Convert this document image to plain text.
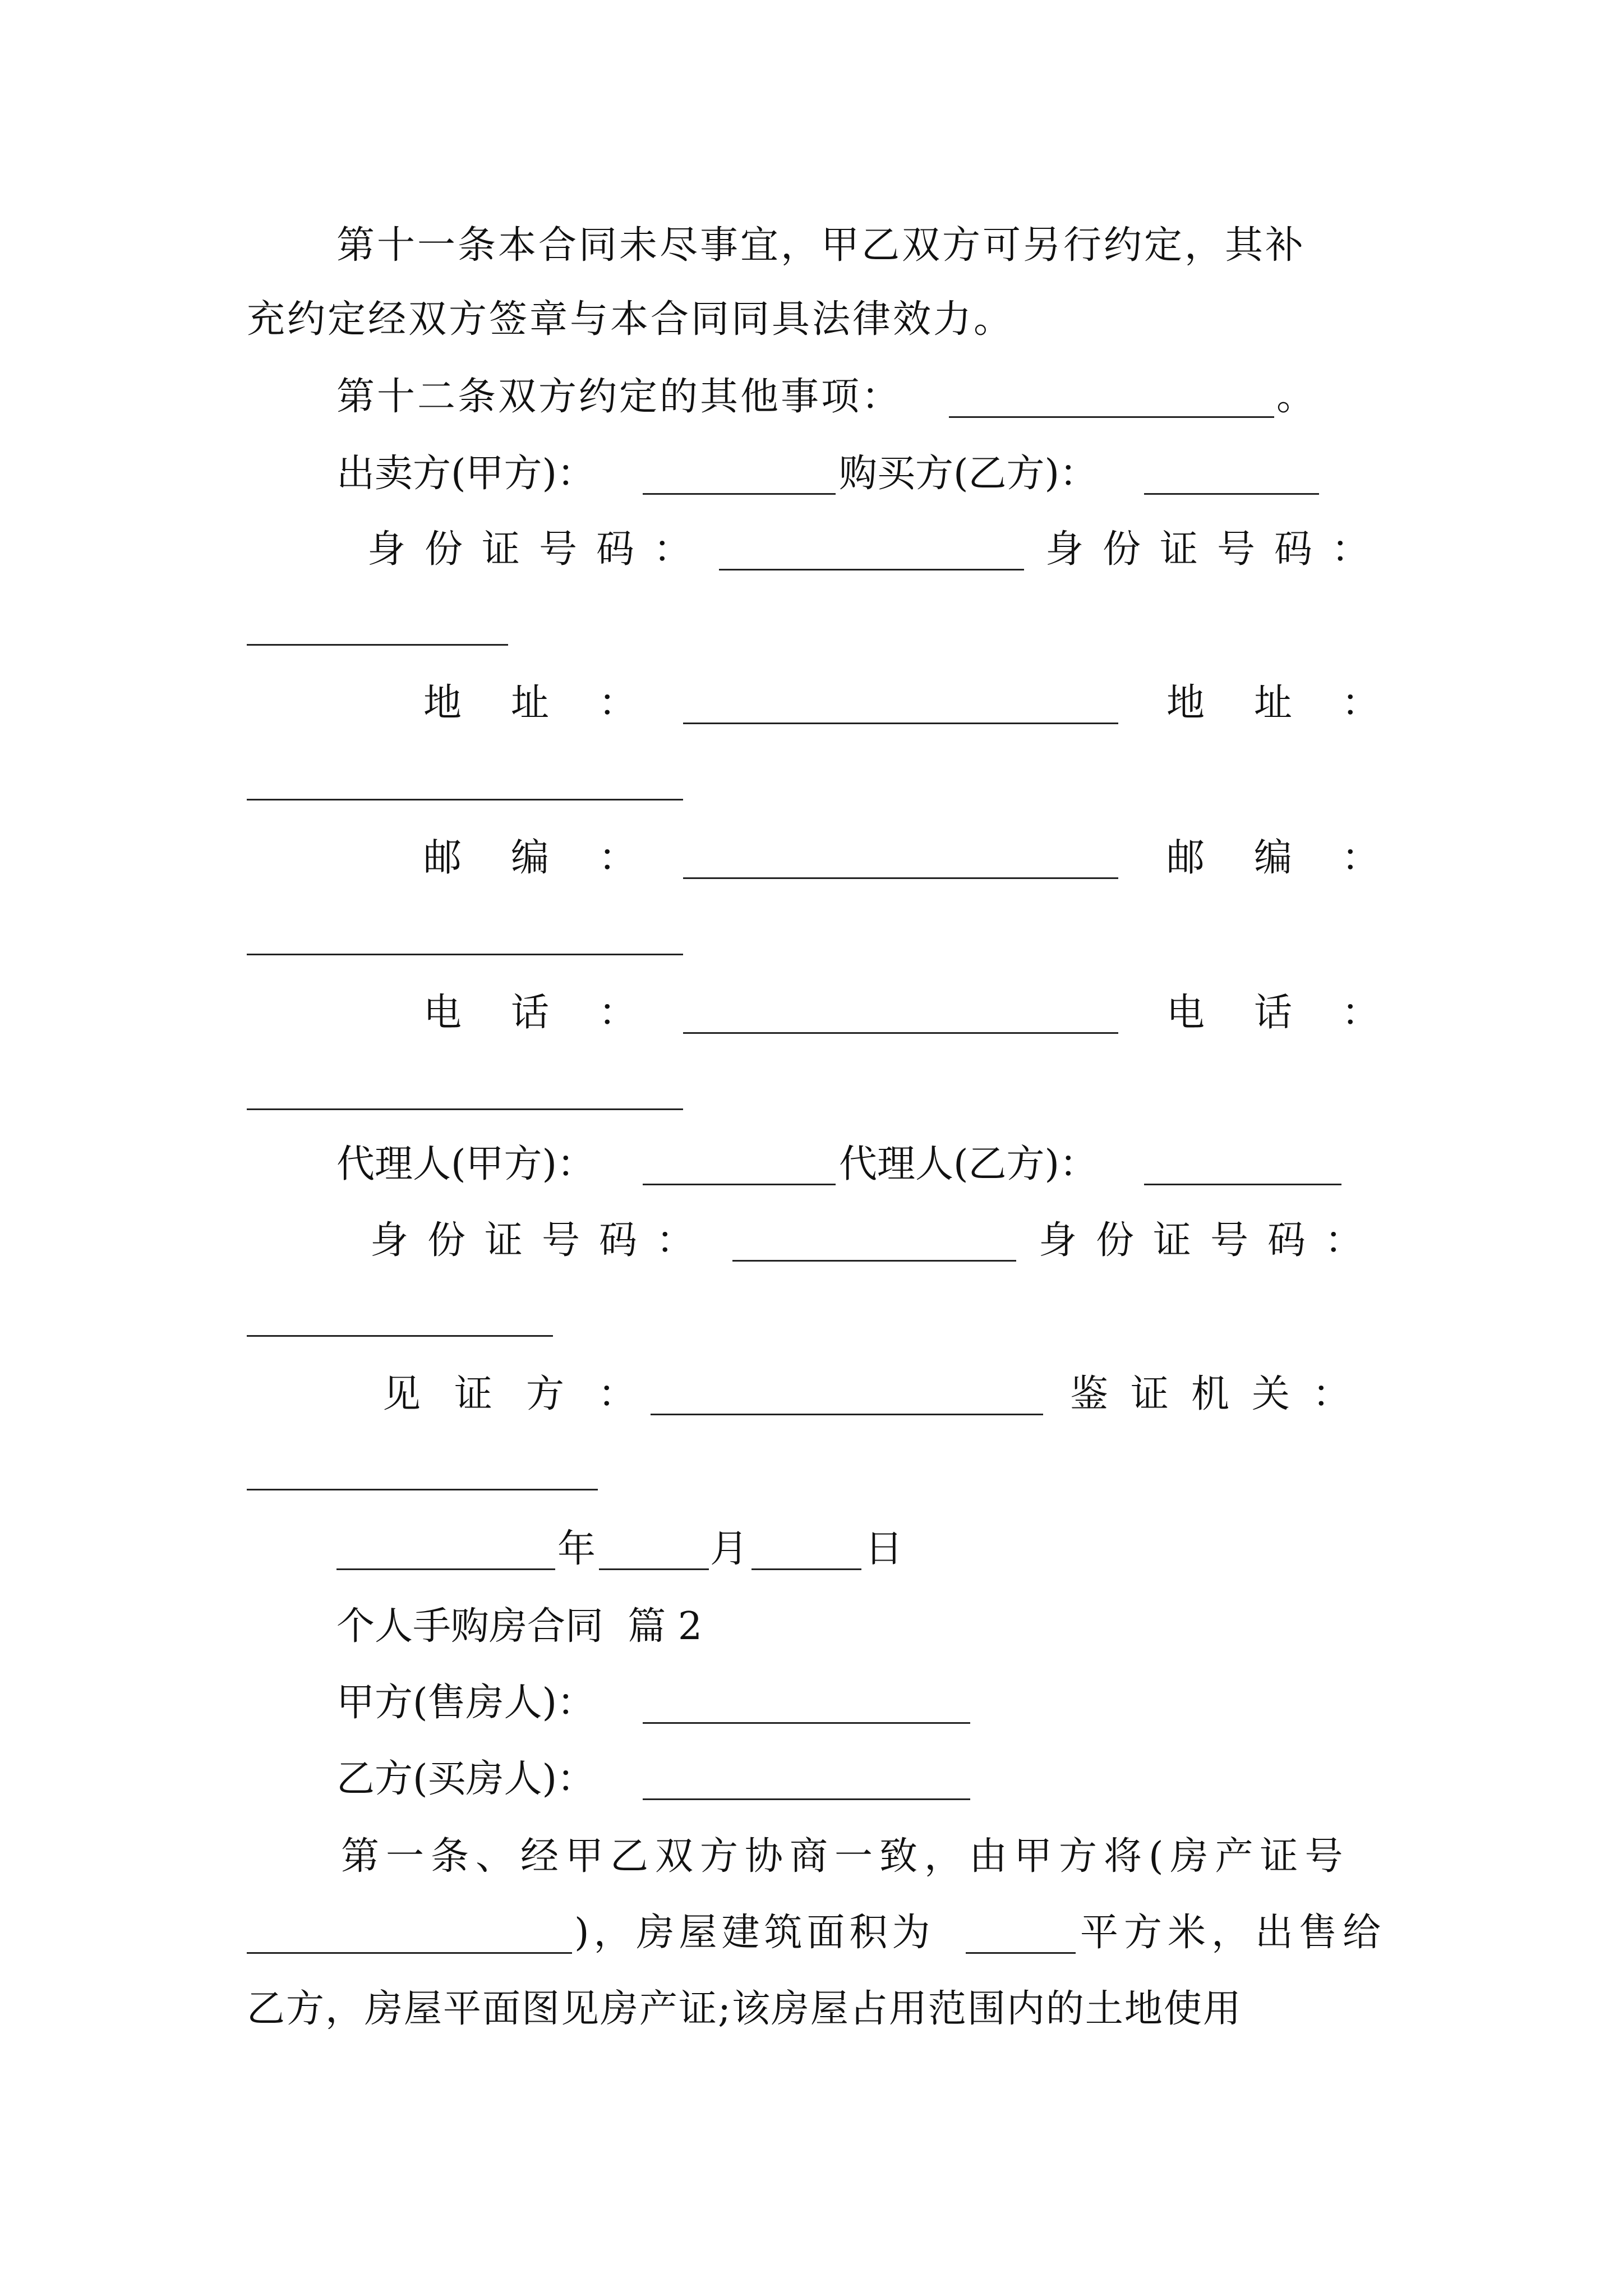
第十一条本合同未尽事宜，甲乙双方可另行约定，其补
充约定经双方签章与本合同同具法律效力。
第十二条双方约定的其他事项：	。
出卖方(甲方)：	购买方(乙方)：
身份证号码：	身份证号码：
地址：	地址：
邮编：	邮编：
电话：	电话：
代理人(甲方)：	代理人(乙方)：
身份证号码：	身份证号码：
见证方：	鉴证机关：
年	月	日
个人手购房合同  篇 2
甲方(售房人)：
乙方(买房人)：
第一条、经甲乙双方协商一致，由甲方将(房产证号
)，房屋建筑面积为	平方米，出售给
乙方，房屋平面图见房产证;该房屋占用范围内的土地使用
